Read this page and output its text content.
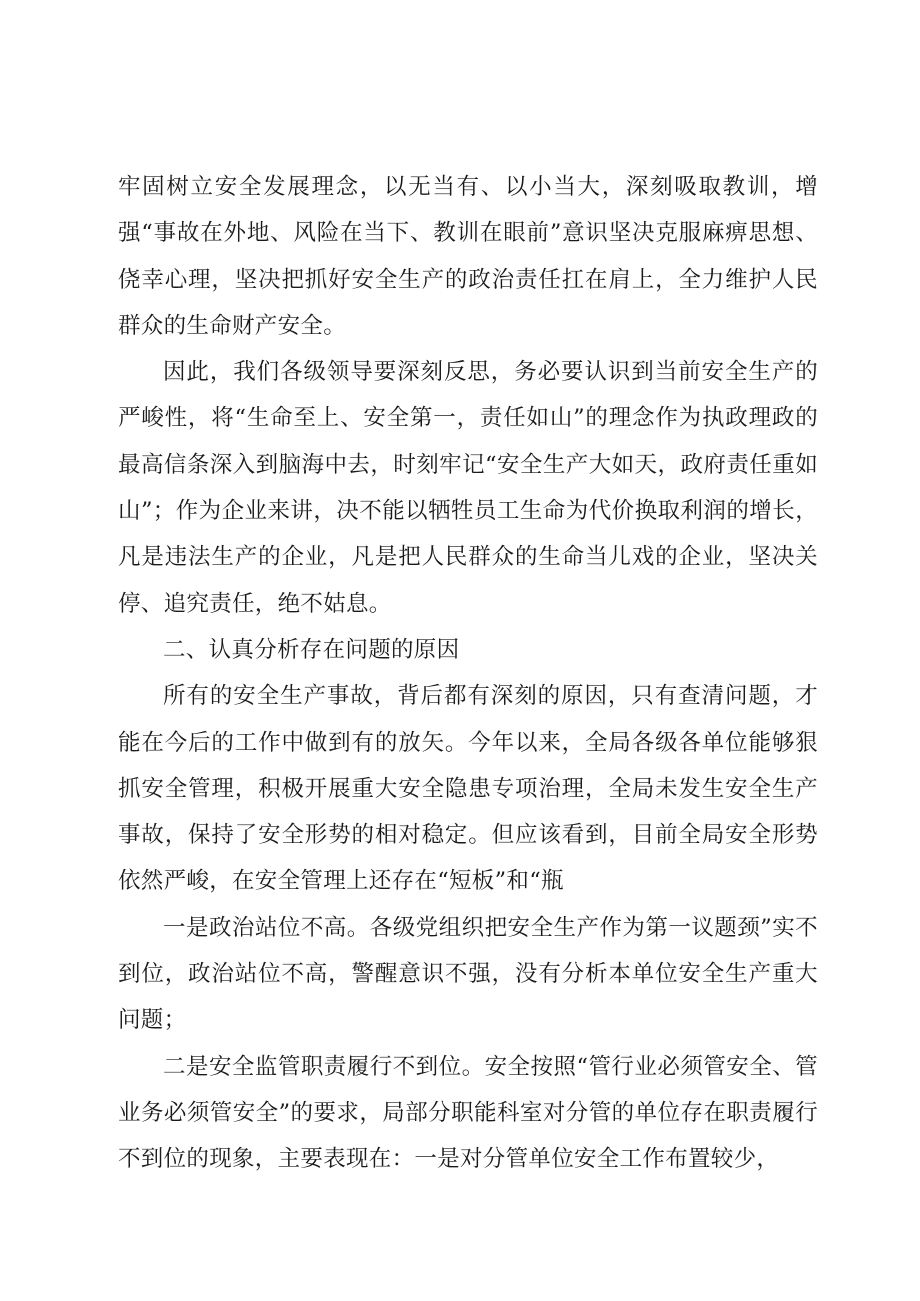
牢固树立安全发展理念，以无当有、以小当大，深刻吸取教训，增强“事故在外地、风险在当下、教训在眼前”意识坚决克服麻痹思想、侥幸心理，坚决把抓好安全生产的政治责任扛在肩上，全力维护人民群众的生命财产安全。

因此，我们各级领导要深刻反思，务必要认识到当前安全生产的严峻性，将“生命至上、安全第一，责任如山”的理念作为执政理政的最高信条深入到脑海中去，时刻牢记“安全生产大如天，政府责任重如山”；作为企业来讲，决不能以牺牲员工生命为代价换取利润的增长，凡是违法生产的企业，凡是把人民群众的生命当儿戏的企业，坚决关停、追究责任，绝不姑息。

二、认真分析存在问题的原因

所有的安全生产事故，背后都有深刻的原因，只有查清问题，才能在今后的工作中做到有的放矢。今年以来，全局各级各单位能够狠抓安全管理，积极开展重大安全隐患专项治理，全局未发生安全生产事故，保持了安全形势的相对稳定。但应该看到，目前全局安全形势依然严峻，在安全管理上还存在“短板”和“瓶

一是政治站位不高。各级党组织把安全生产作为第一议题颈”实不到位，政治站位不高，警醒意识不强，没有分析本单位安全生产重大问题；

二是安全监管职责履行不到位。安全按照“管行业必须管安全、管业务必须管安全”的要求，局部分职能科室对分管的单位存在职责履行不到位的现象，主要表现在：一是对分管单位安全工作布置较少，
